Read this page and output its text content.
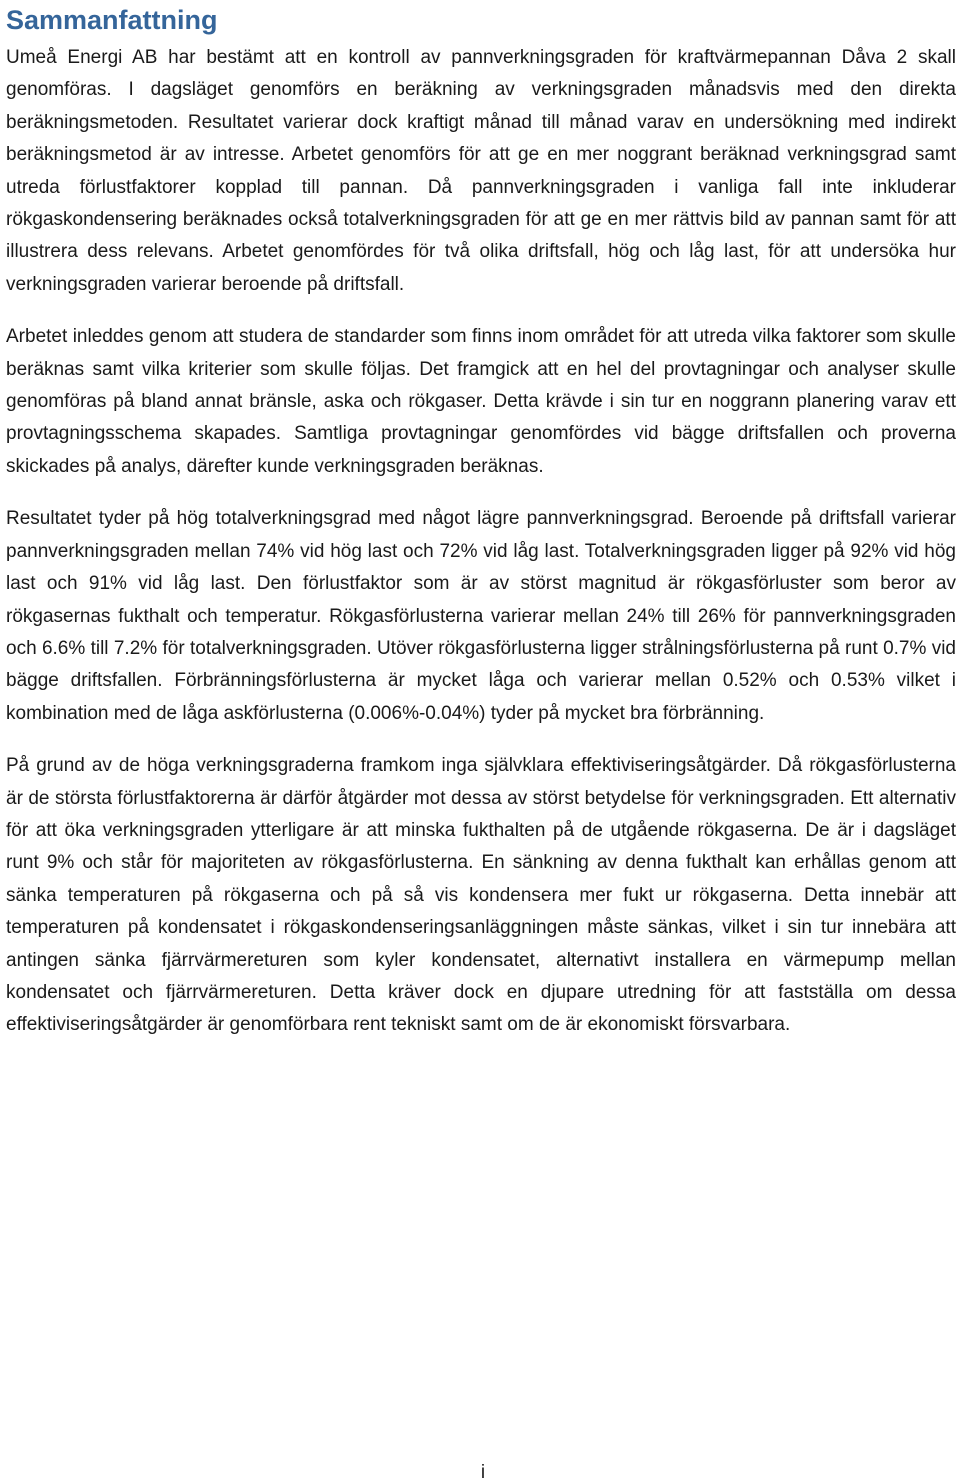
Sammanfattning

Umeå Energi AB har bestämt att en kontroll av pannverkningsgraden för kraftvärmepannan Dåva 2 skall genomföras. I dagsläget genomförs en beräkning av verkningsgraden månadsvis med den direkta beräkningsmetoden. Resultatet varierar dock kraftigt månad till månad varav en undersökning med indirekt beräkningsmetod är av intresse. Arbetet genomförs för att ge en mer noggrant beräknad verkningsgrad samt utreda förlustfaktorer kopplad till pannan. Då pannverkningsgraden i vanliga fall inte inkluderar rökgaskondensering beräknades också totalverkningsgraden för att ge en mer rättvis bild av pannan samt för att illustrera dess relevans. Arbetet genomfördes för två olika driftsfall, hög och låg last, för att undersöka hur verkningsgraden varierar beroende på driftsfall.

Arbetet inleddes genom att studera de standarder som finns inom området för att utreda vilka faktorer som skulle beräknas samt vilka kriterier som skulle följas. Det framgick att en hel del provtagningar och analyser skulle genomföras på bland annat bränsle, aska och rökgaser. Detta krävde i sin tur en noggrann planering varav ett provtagningsschema skapades. Samtliga provtagningar genomfördes vid bägge driftsfallen och proverna skickades på analys, därefter kunde verkningsgraden beräknas.

Resultatet tyder på hög totalverkningsgrad med något lägre pannverkningsgrad. Beroende på driftsfall varierar pannverkningsgraden mellan 74% vid hög last och 72% vid låg last. Totalverkningsgraden ligger på 92% vid hög last och 91% vid låg last. Den förlustfaktor som är av störst magnitud är rökgasförluster som beror av rökgasernas fukthalt och temperatur. Rökgasförlusterna varierar mellan 24% till 26% för pannverkningsgraden och 6.6% till 7.2% för totalverkningsgraden. Utöver rökgasförlusterna ligger strålningsförlusterna på runt 0.7% vid bägge driftsfallen. Förbränningsförlusterna är mycket låga och varierar mellan 0.52% och 0.53% vilket i kombination med de låga askförlusterna (0.006%-0.04%) tyder på mycket bra förbränning.

På grund av de höga verkningsgraderna framkom inga självklara effektiviseringsåtgärder. Då rökgasförlusterna är de största förlustfaktorerna är därför åtgärder mot dessa av störst betydelse för verkningsgraden. Ett alternativ för att öka verkningsgraden ytterligare är att minska fukthalten på de utgående rökgaserna. De är i dagsläget runt 9% och står för majoriteten av rökgasförlusterna. En sänkning av denna fukthalt kan erhållas genom att sänka temperaturen på rökgaserna och på så vis kondensera mer fukt ur rökgaserna. Detta innebär att temperaturen på kondensatet i rökgaskondenseringsanläggningen måste sänkas, vilket i sin tur innebära att antingen sänka fjärrvärmereturen som kyler kondensatet, alternativt installera en värmepump mellan kondensatet och fjärrvärmereturen. Detta kräver dock en djupare utredning för att fastställa om dessa effektiviseringsåtgärder är genomförbara rent tekniskt samt om de är ekonomiskt försvarbara.

i
